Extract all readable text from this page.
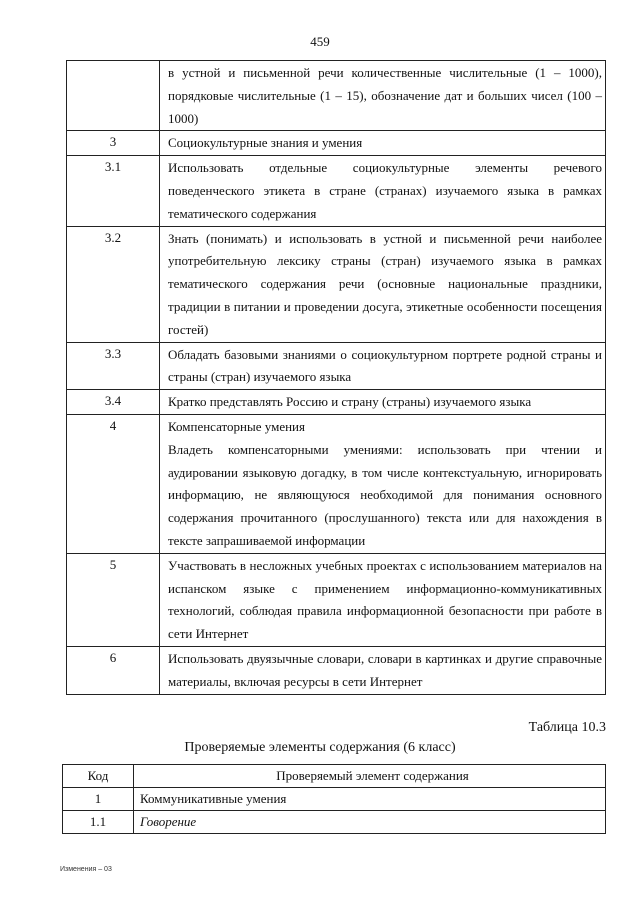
459
	в устной и письменной речи количественные числительные (1 – 1000), порядковые числительные (1 – 15), обозначение дат и больших чисел (100 – 1000)
3	Социокультурные знания и умения
3.1	Использовать отдельные социокультурные элементы речевого поведенческого этикета в стране (странах) изучаемого языка в рамках тематического содержания
3.2	Знать (понимать) и использовать в устной и письменной речи наиболее употребительную лексику страны (стран) изучаемого языка в рамках тематического содержания речи (основные национальные праздники, традиции в питании и проведении досуга, этикетные особенности посещения гостей)
3.3	Обладать базовыми знаниями о социокультурном портрете родной страны и страны (стран) изучаемого языка
3.4	Кратко представлять Россию и страну (страны) изучаемого языка
4	Компенсаторные умения
Владеть компенсаторными умениями: использовать при чтении и аудировании языковую догадку, в том числе контекстуальную, игнорировать информацию, не являющуюся необходимой для понимания основного содержания прочитанного (прослушанного) текста или для нахождения в тексте запрашиваемой информации

5	Участвовать в несложных учебных проектах с использованием материалов на испанском языке с применением информационно-коммуникативных технологий, соблюдая правила информационной безопасности при работе в сети Интернет
6	Использовать двуязычные словари, словари в картинках и другие справочные материалы, включая ресурсы в сети Интернет
Таблица 10.3
Проверяемые элементы содержания (6 класс)
Код	Проверяемый элемент содержания
1	Коммуникативные умения
1.1	Говорение
Изменения – 03
